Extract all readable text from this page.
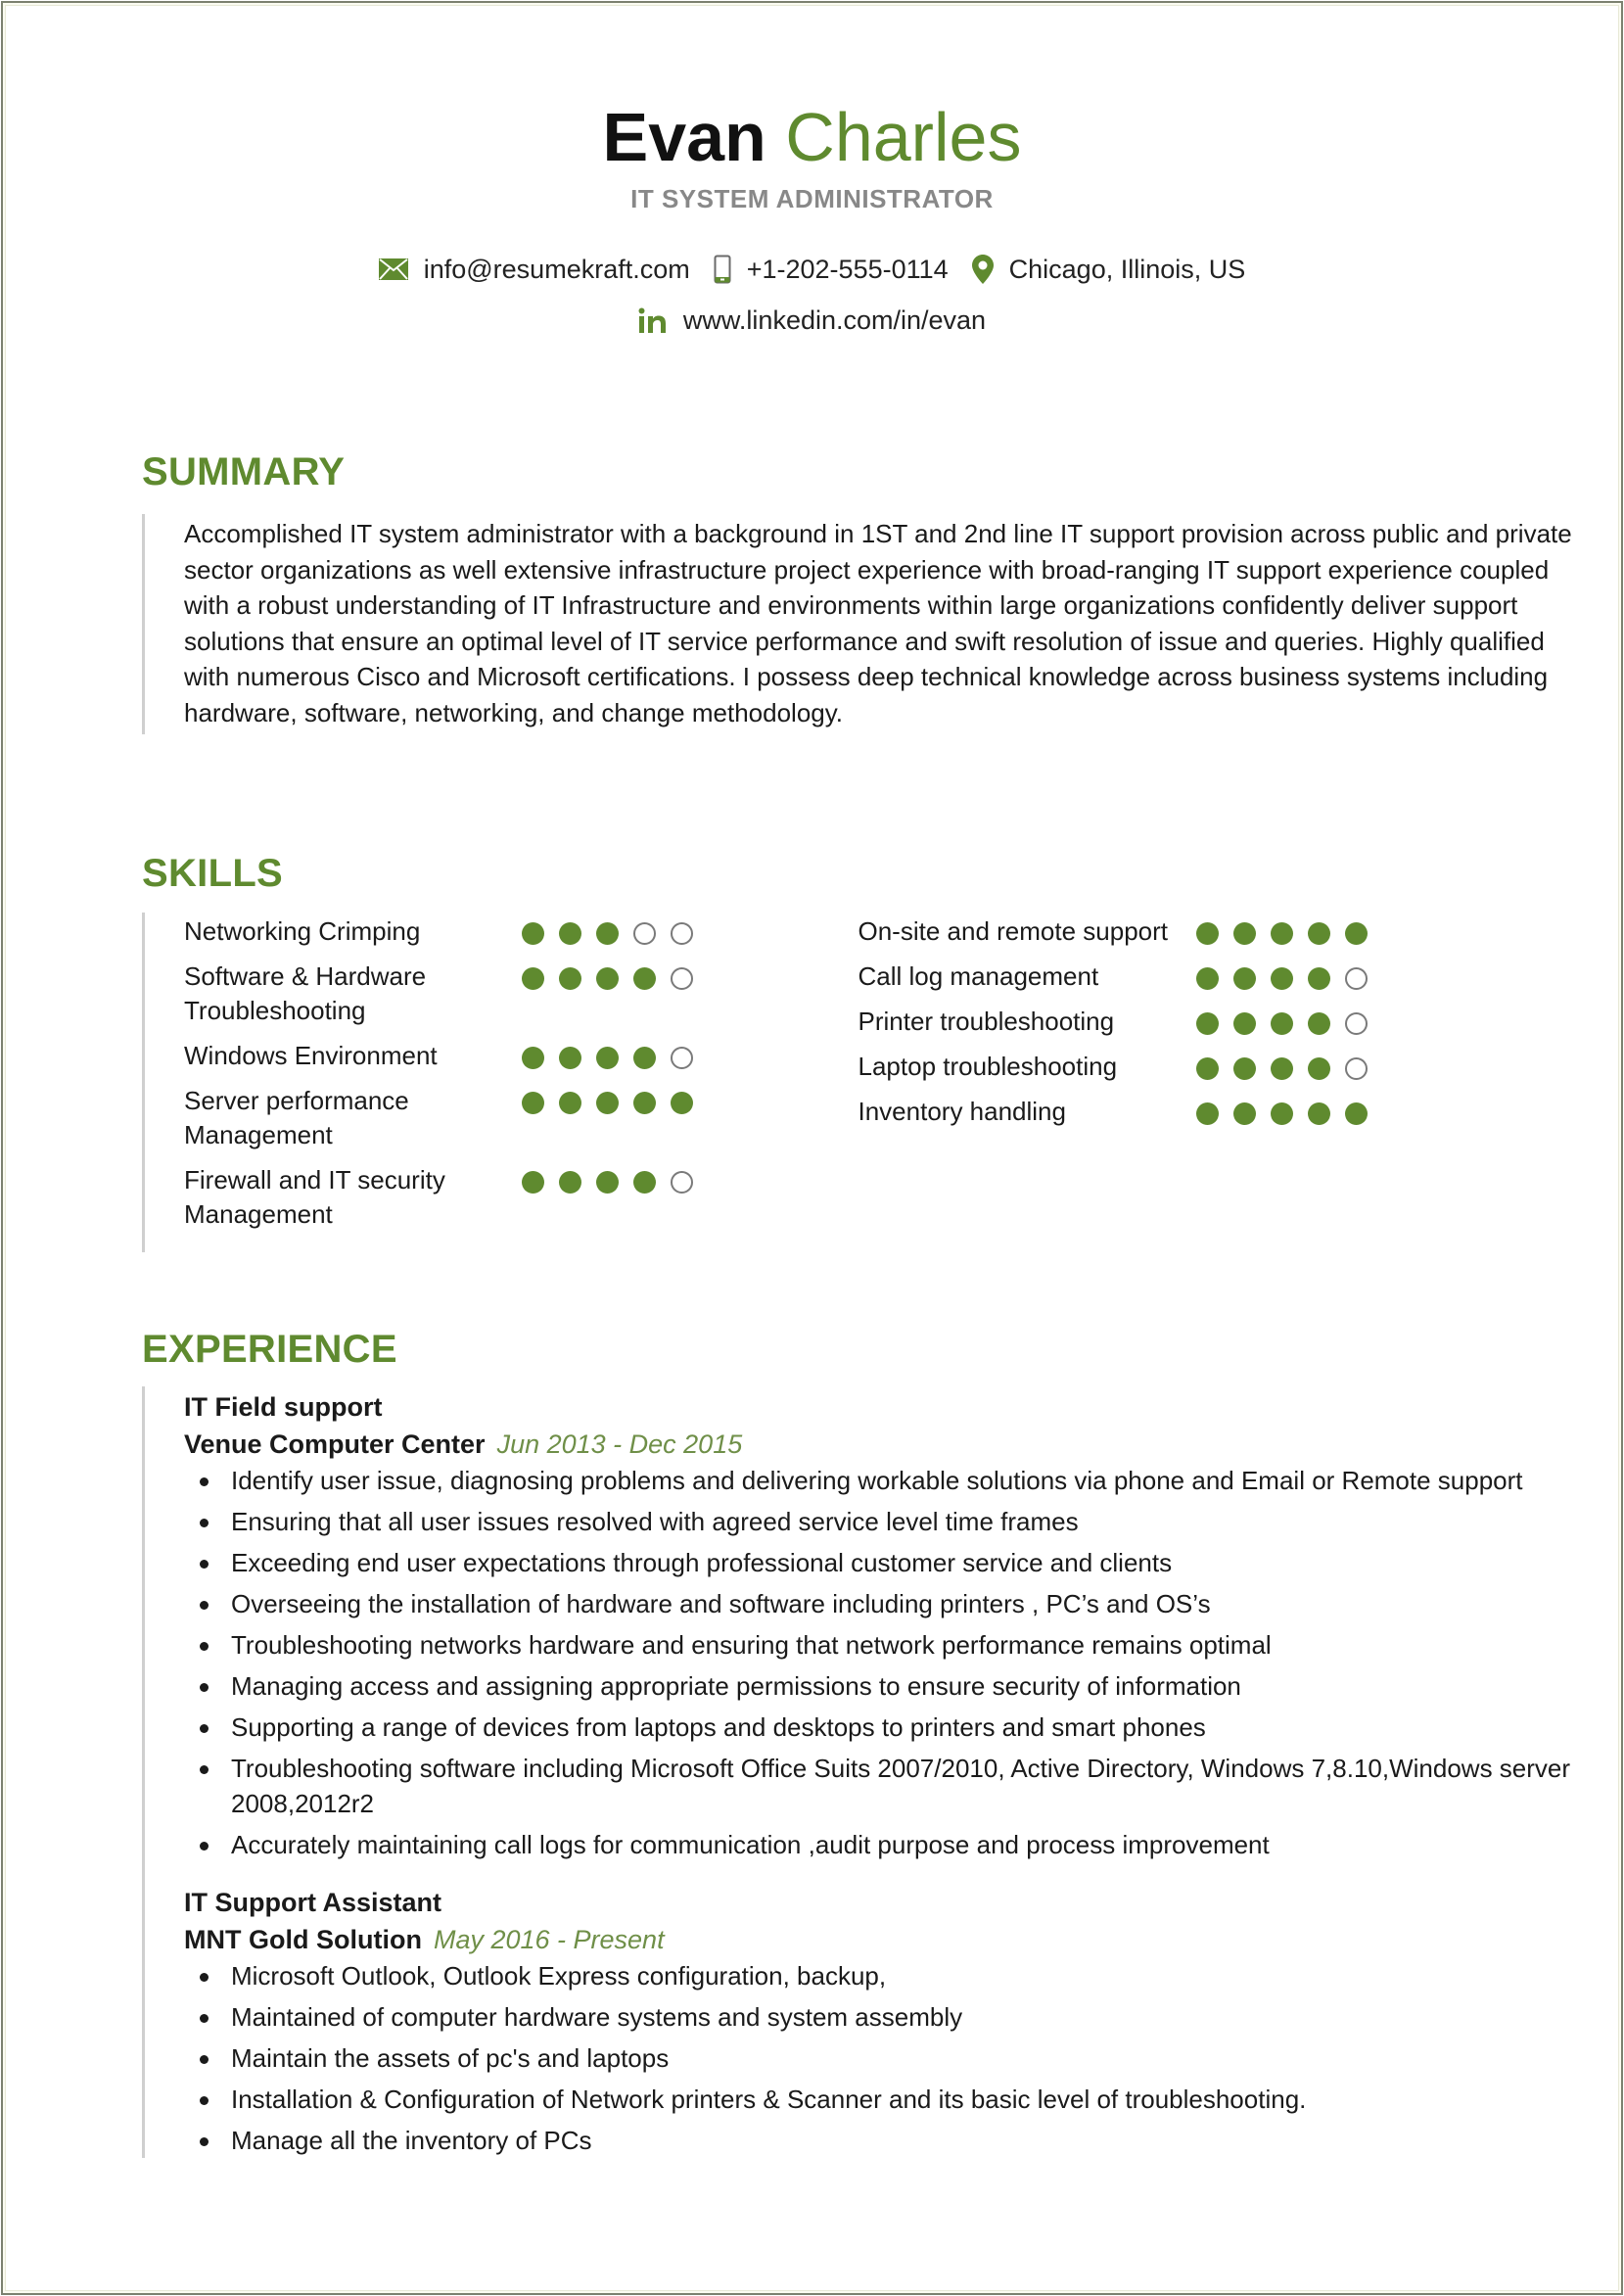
Evan Charles
IT SYSTEM ADMINISTRATOR
info@resumekraft.com +1-202-555-0114 Chicago, Illinois, US
www.linkedin.com/in/evan
SUMMARY

Accomplished IT system administrator with a background in 1ST and 2nd line IT support provision across public and private sector organizations as well extensive infrastructure project experience with broad-ranging IT support experience coupled with a robust understanding of IT Infrastructure and environments within large organizations confidently deliver support solutions that ensure an optimal level of IT service performance and swift resolution of issue and queries. Highly qualified with numerous Cisco and Microsoft certifications. I possess deep technical knowledge across business systems including hardware, software, networking, and change methodology.

SKILLS
Networking Crimping
Software & Hardware Troubleshooting
Windows Environment
Server performance Management
Firewall and IT security Management
On-site and remote support
Call log management
Printer troubleshooting
Laptop troubleshooting
Inventory handling
EXPERIENCE
IT Field support
Venue Computer Center Jun 2013 - Dec 2015
Identify user issue, diagnosing problems and delivering workable solutions via phone and Email or Remote support
Ensuring that all user issues resolved with agreed service level time frames
Exceeding end user expectations through professional customer service and clients
Overseeing the installation of hardware and software including printers , PC’s and OS’s
Troubleshooting networks hardware and ensuring that network performance remains optimal
Managing access and assigning appropriate permissions to ensure security of information
Supporting a range of devices from laptops and desktops to printers and smart phones
Troubleshooting software including Microsoft Office Suits 2007/2010, Active Directory, Windows 7,8.10,Windows server 2008,2012r2
Accurately maintaining call logs for communication ,audit purpose and process improvement
IT Support Assistant
MNT Gold Solution May 2016 - Present
Microsoft Outlook, Outlook Express configuration, backup,
Maintained of computer hardware systems and system assembly
Maintain the assets of pc's and laptops
Installation & Configuration of Network printers & Scanner and its basic level of troubleshooting.
Manage all the inventory of PCs
